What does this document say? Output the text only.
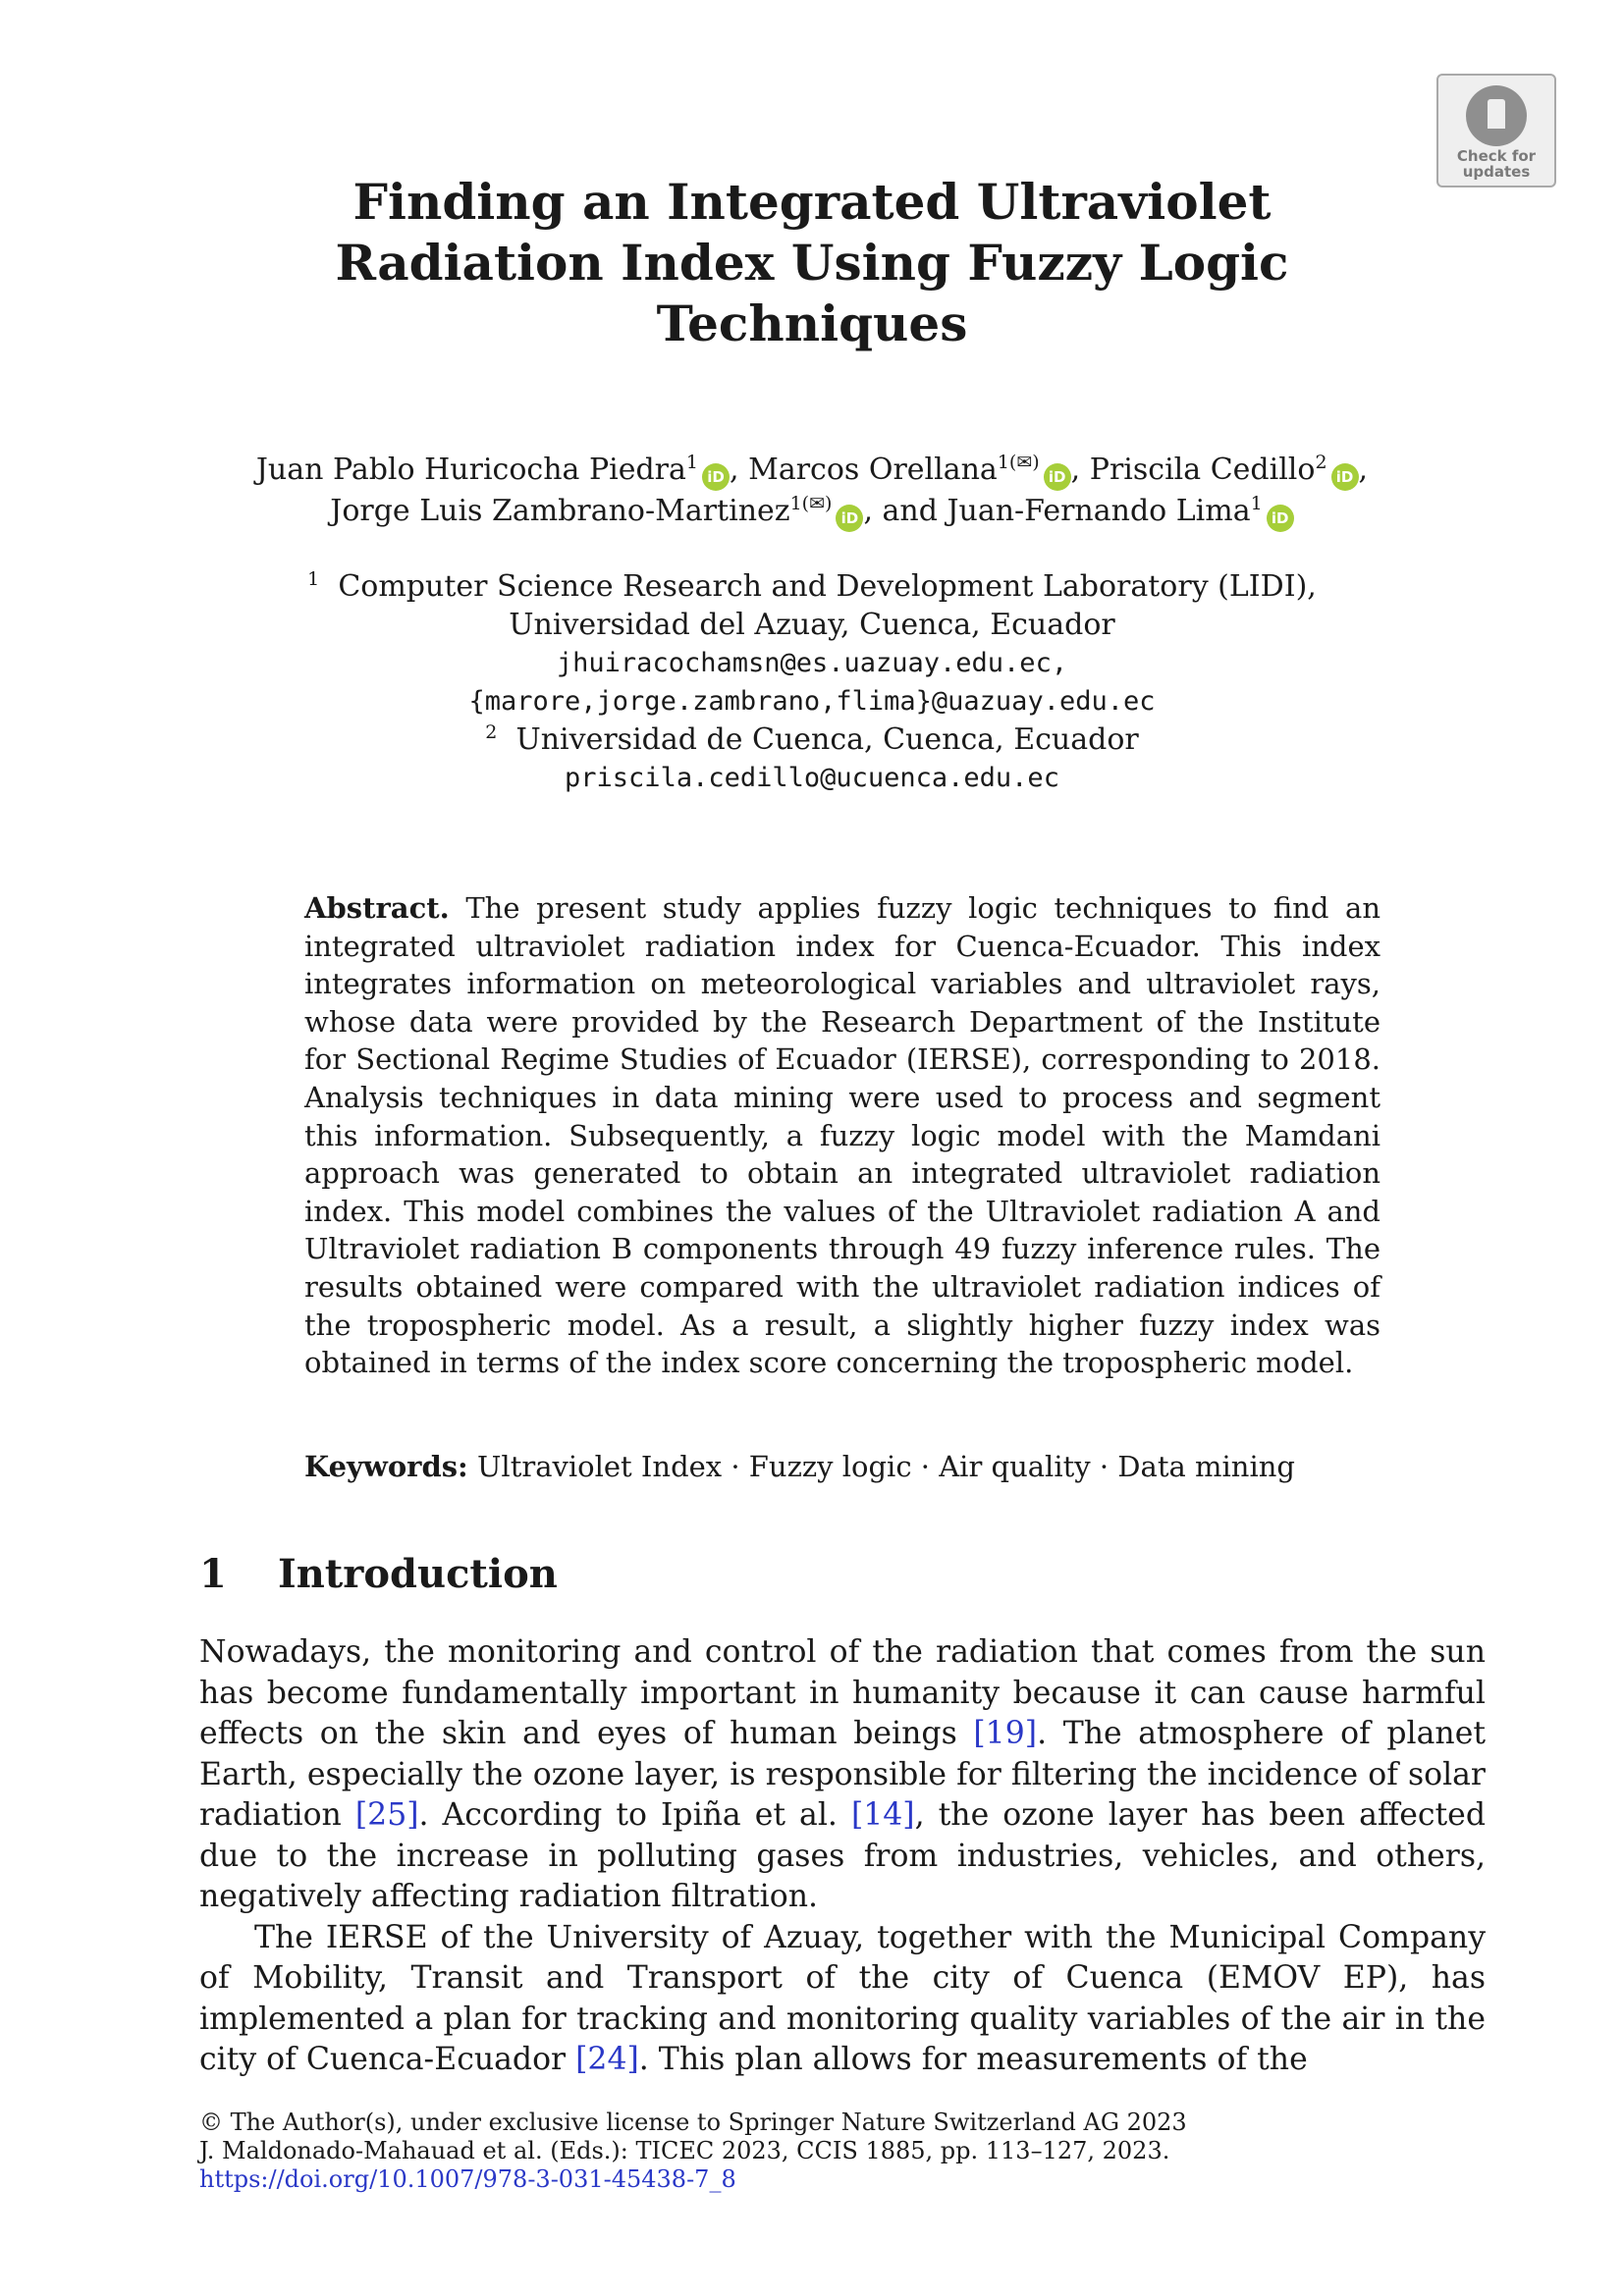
Check for
updates
Finding an Integrated Ultraviolet
Radiation Index Using Fuzzy Logic
Techniques
Juan Pablo Huricocha Piedra$^1$iD , Marcos Orellana$^{1(✉)}$iD , Priscila Cedillo$^2$iD ,
Jorge Luis Zambrano-Martinez$^{1(✉)}$iD , and Juan-Fernando Lima$^1$iD
$^1$ Computer Science Research and Development Laboratory (LIDI),
Universidad del Azuay, Cuenca, Ecuador
jhuiracochamsn@es.uazuay.edu.ec,
{marore,jorge.zambrano,flima}@uazuay.edu.ec
$^2$ Universidad de Cuenca, Cuenca, Ecuador
priscila.cedillo@ucuenca.edu.ec
Abstract. The present study applies fuzzy logic techniques to find an integrated ultraviolet radiation index for Cuenca-Ecuador. This index integrates information on meteorological variables and ultraviolet rays, whose data were provided by the Research Department of the Institute for Sectional Regime Studies of Ecuador (IERSE), corresponding to 2018. Analysis techniques in data mining were used to process and segment this information. Subsequently, a fuzzy logic model with the Mamdani approach was generated to obtain an integrated ultraviolet radiation index. This model combines the values of the Ultraviolet radiation A and Ultraviolet radiation B components through 49 fuzzy inference rules. The results obtained were compared with the ultraviolet radiation indices of the tropospheric model. As a result, a slightly higher fuzzy index was obtained in terms of the index score concerning the tropospheric model.
Keywords: Ultraviolet Index · Fuzzy logic · Air quality · Data mining
1 Introduction

Nowadays, the monitoring and control of the radiation that comes from the sun has become fundamentally important in humanity because it can cause harmful effects on the skin and eyes of human beings [19]. The atmosphere of planet Earth, especially the ozone layer, is responsible for filtering the incidence of solar radiation [25]. According to Ipiña et al. [14], the ozone layer has been affected due to the increase in polluting gases from industries, vehicles, and others, negatively affecting radiation filtration.

The IERSE of the University of Azuay, together with the Municipal Company of Mobility, Transit and Transport of the city of Cuenca (EMOV EP), has implemented a plan for tracking and monitoring quality variables of the air in the city of Cuenca-Ecuador [24]. This plan allows for measurements of the

© The Author(s), under exclusive license to Springer Nature Switzerland AG 2023
J. Maldonado-Mahauad et al. (Eds.): TICEC 2023, CCIS 1885, pp. 113–127, 2023.
https://doi.org/10.1007/978-3-031-45438-7_8
